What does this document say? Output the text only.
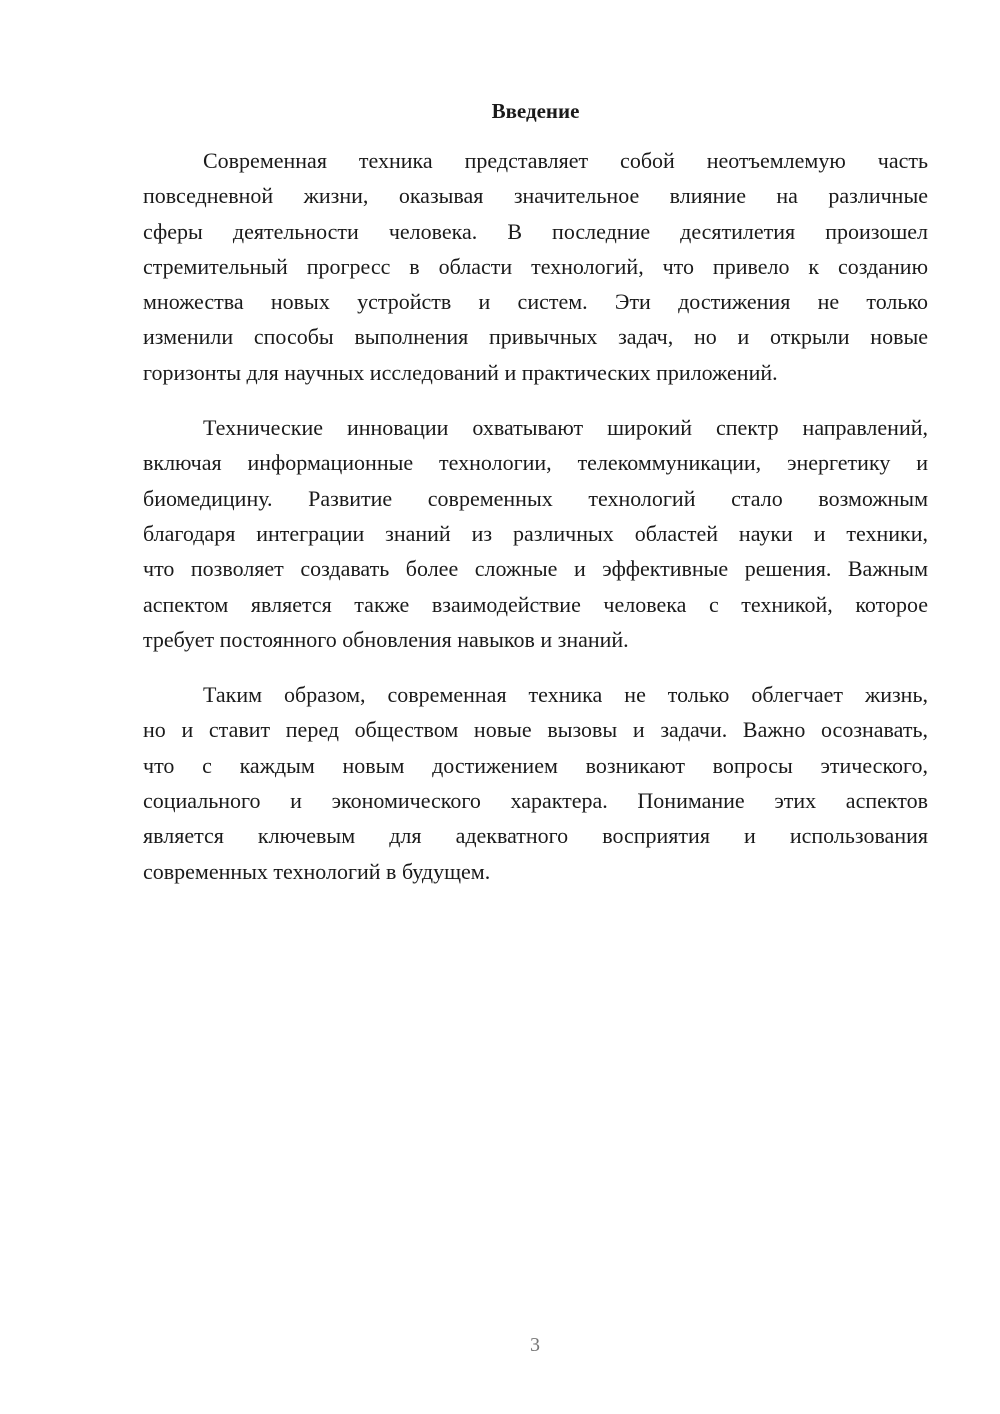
Введение
Современная техника представляет собой неотъемлемую часть
повседневной жизни, оказывая значительное влияние на различные
сферы деятельности человека. В последние десятилетия произошел
стремительный прогресс в области технологий, что привело к созданию
множества новых устройств и систем. Эти достижения не только
изменили способы выполнения привычных задач, но и открыли новые
горизонты для научных исследований и практических приложений.
Технические инновации охватывают широкий спектр направлений,
включая информационные технологии, телекоммуникации, энергетику и
биомедицину. Развитие современных технологий стало возможным
благодаря интеграции знаний из различных областей науки и техники,
что позволяет создавать более сложные и эффективные решения. Важным
аспектом является также взаимодействие человека с техникой, которое
требует постоянного обновления навыков и знаний.
Таким образом, современная техника не только облегчает жизнь,
но и ставит перед обществом новые вызовы и задачи. Важно осознавать,
что с каждым новым достижением возникают вопросы этического,
социального и экономического характера. Понимание этих аспектов
является ключевым для адекватного восприятия и использования
современных технологий в будущем.
3
